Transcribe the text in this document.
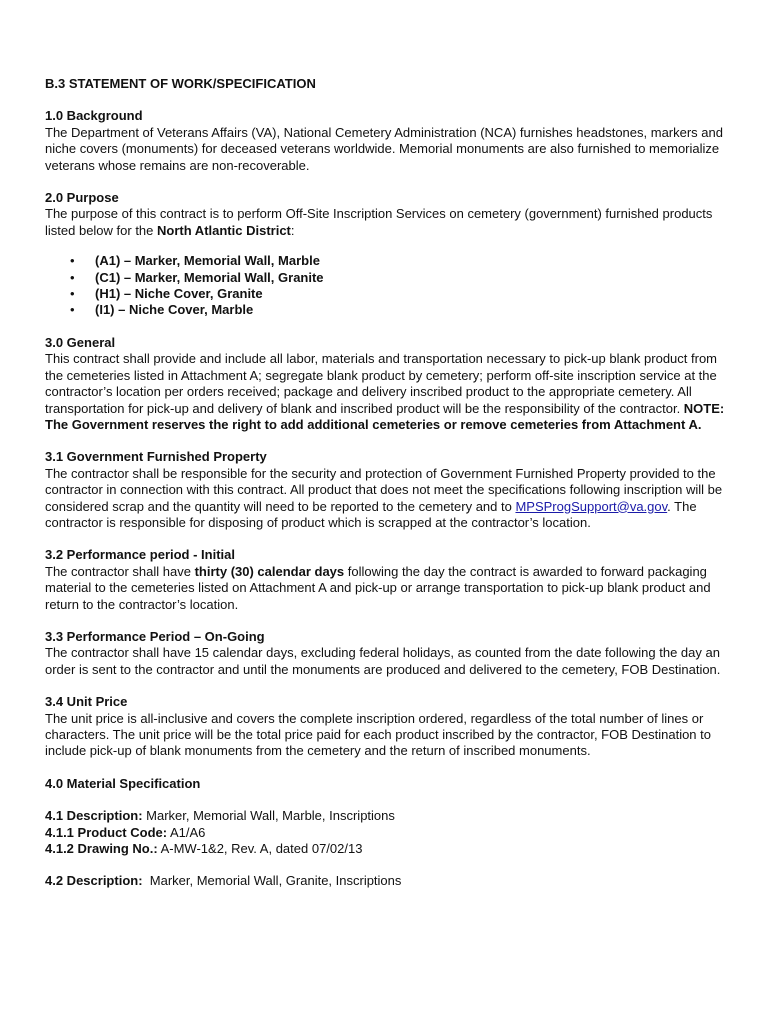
B.3 STATEMENT OF WORK/SPECIFICATION

1.0 Background

The Department of Veterans Affairs (VA), National Cemetery Administration (NCA) furnishes headstones, markers and niche covers (monuments) for deceased veterans worldwide. Memorial monuments are also furnished to memorialize veterans whose remains are non-recoverable.

2.0 Purpose

The purpose of this contract is to perform Off-Site Inscription Services on cemetery (government) furnished products listed below for the North Atlantic District:

• (A1) – Marker, Memorial Wall, Marble
• (C1) – Marker, Memorial Wall, Granite
• (H1) – Niche Cover, Granite
• (I1) – Niche Cover, Marble

3.0 General

This contract shall provide and include all labor, materials and transportation necessary to pick-up blank product from the cemeteries listed in Attachment A; segregate blank product by cemetery; perform off-site inscription service at the contractor’s location per orders received; package and delivery inscribed product to the appropriate cemetery. All transportation for pick-up and delivery of blank and inscribed product will be the responsibility of the contractor. NOTE: The Government reserves the right to add additional cemeteries or remove cemeteries from Attachment A.

3.1 Government Furnished Property

The contractor shall be responsible for the security and protection of Government Furnished Property provided to the contractor in connection with this contract. All product that does not meet the specifications following inscription will be considered scrap and the quantity will need to be reported to the cemetery and to MPSProgSupport@va.gov. The contractor is responsible for disposing of product which is scrapped at the contractor’s location.

3.2 Performance period - Initial

The contractor shall have thirty (30) calendar days following the day the contract is awarded to forward packaging material to the cemeteries listed on Attachment A and pick-up or arrange transportation to pick-up blank product and return to the contractor’s location.

3.3 Performance Period – On-Going

The contractor shall have 15 calendar days, excluding federal holidays, as counted from the date following the day an order is sent to the contractor and until the monuments are produced and delivered to the cemetery, FOB Destination.

3.4 Unit Price

The unit price is all-inclusive and covers the complete inscription ordered, regardless of the total number of lines or characters. The unit price will be the total price paid for each product inscribed by the contractor, FOB Destination to include pick-up of blank monuments from the cemetery and the return of inscribed monuments.

4.0 Material Specification

4.1 Description: Marker, Memorial Wall, Marble, Inscriptions

4.1.1 Product Code: A1/A6

4.1.2 Drawing No.: A-MW-1&2, Rev. A, dated 07/02/13

4.2 Description:  Marker, Memorial Wall, Granite, Inscriptions
